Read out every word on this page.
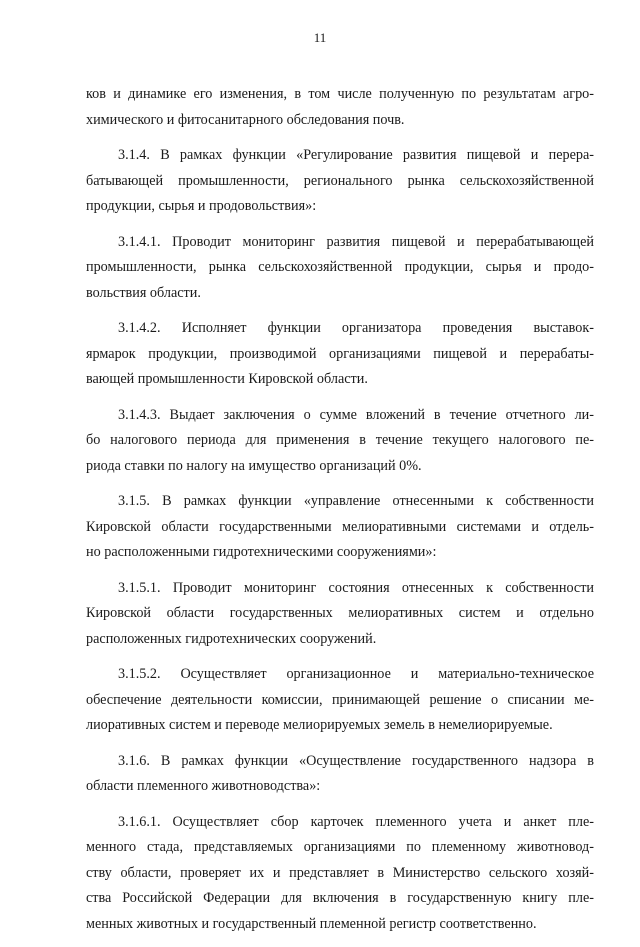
11
ков и динамике его изменения, в том числе полученную по результатам агро-
химического и фитосанитарного обследования почв.
3.1.4. В рамках функции «Регулирование развития пищевой и перера-
батывающей промышленности, регионального рынка сельскохозяйственной
продукции, сырья и продовольствия»:
3.1.4.1. Проводит мониторинг развития пищевой и перерабатывающей
промышленности, рынка сельскохозяйственной продукции, сырья и продо-
вольствия области.
3.1.4.2. Исполняет функции организатора проведения выставок-
ярмарок продукции, производимой организациями пищевой и перерабаты-
вающей промышленности Кировской области.
3.1.4.3. Выдает заключения о сумме вложений в течение отчетного ли-
бо налогового периода для применения в течение текущего налогового пе-
риода ставки по налогу на имущество организаций 0%.
3.1.5. В рамках функции «управление отнесенными к собственности
Кировской области государственными мелиоративными системами и отдель-
но расположенными гидротехническими сооружениями»:
3.1.5.1. Проводит мониторинг состояния отнесенных к собственности
Кировской области государственных мелиоративных систем и отдельно
расположенных гидротехнических сооружений.
3.1.5.2. Осуществляет организационное и материально-техническое
обеспечение деятельности комиссии, принимающей решение о списании ме-
лиоративных систем и переводе мелиорируемых земель в немелиорируемые.
3.1.6. В рамках функции «Осуществление государственного надзора в
области племенного животноводства»:
3.1.6.1. Осуществляет сбор карточек племенного учета и анкет пле-
менного стада, представляемых организациями по племенному животновод-
ству области, проверяет их и представляет в Министерство сельского хозяй-
ства Российской Федерации для включения в государственную книгу пле-
менных животных и государственный племенной регистр соответственно.
